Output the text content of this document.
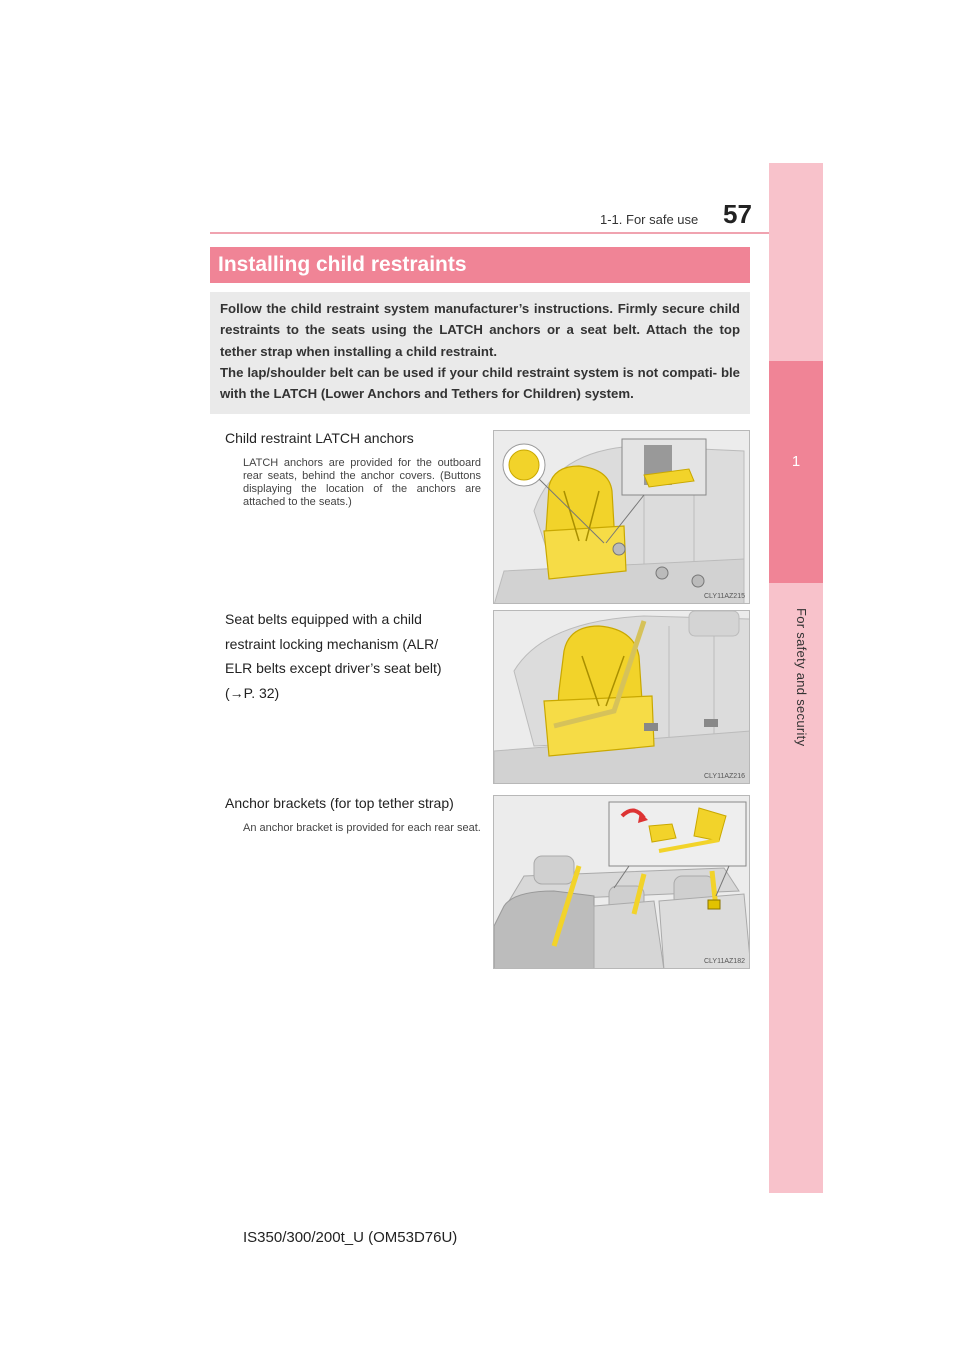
1-1. For safe use 57
1
For safety and security
Installing child restraints

Follow the child restraint system manufacturer’s instructions. Firmly secure child restraints to the seats using the LATCH anchors or a seat belt. Attach the top tether strap when installing a child restraint.

The lap/shoulder belt can be used if your child restraint system is not compati- ble with the LATCH (Lower Anchors and Tethers for Children) system.

Child restraint LATCH anchors
LATCH anchors are provided for the outboard rear seats, behind the anchor covers. (Buttons displaying the location of the anchors are attached to the seats.)
CLY11AZ215
Seat belts equipped with a child
restraint locking mechanism (ALR/
ELR belts except driver’s seat belt)
(→P. 32)
CLY11AZ216
Anchor brackets (for top tether strap)
An anchor bracket is provided for each rear seat.
CLY11AZ182
IS350/300/200t_U (OM53D76U)
